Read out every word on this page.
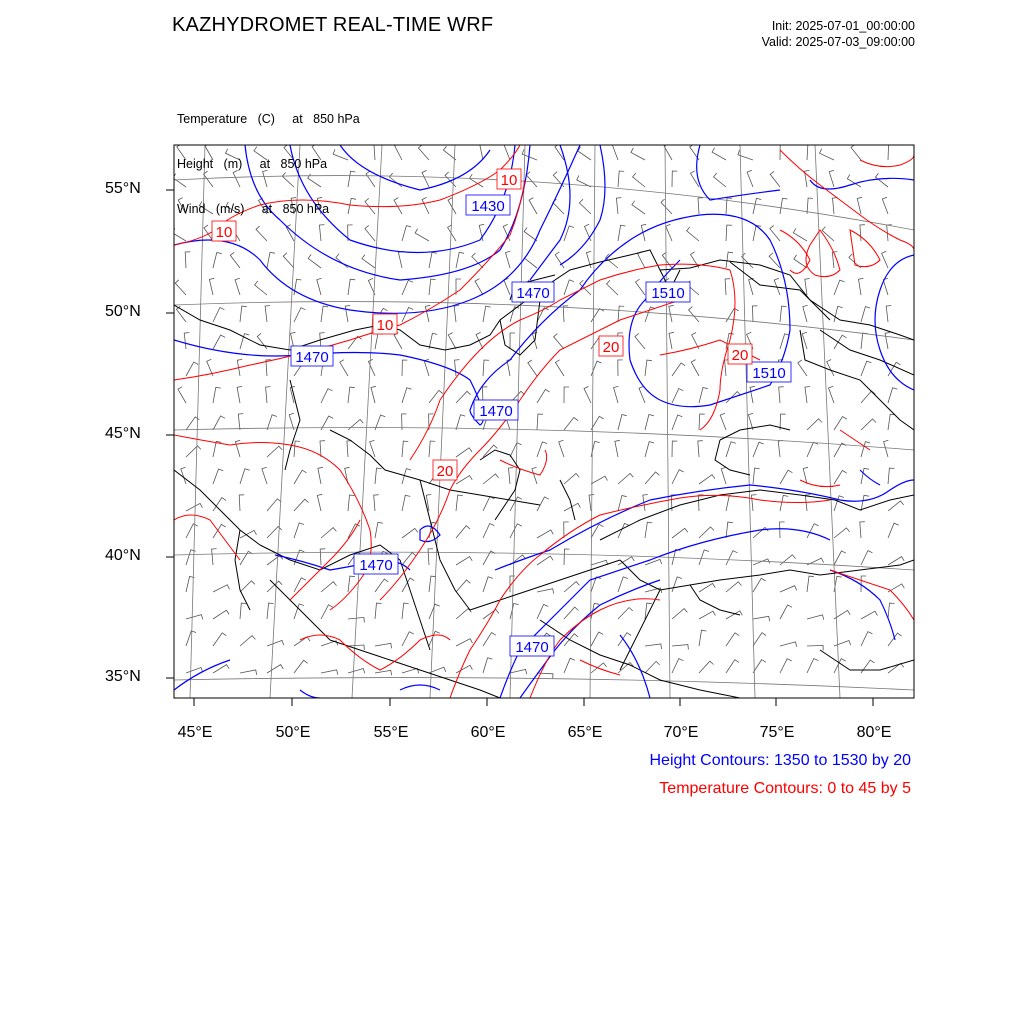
1430
1470
1470
1510
1510
1470
1470
1470
10
10
10
20	20
20
KAZHYDROMET REAL-TIME WRF	Init: 2025-07-01_00:00:00
Valid: 2025-07-03_09:00:00

Temperature   (C)     at   850 hPa

Height   (m)     at   850 hPa

Wind   (m/s)     at   850 hPa

55°N
50°N
45°N
40°N
35°N
45°E	50°E	55°E	60°E	65°E	70°E	75°E	80°E
Height Contours: 1350 to 1530 by 20
Temperature Contours: 0 to 45 by 5
